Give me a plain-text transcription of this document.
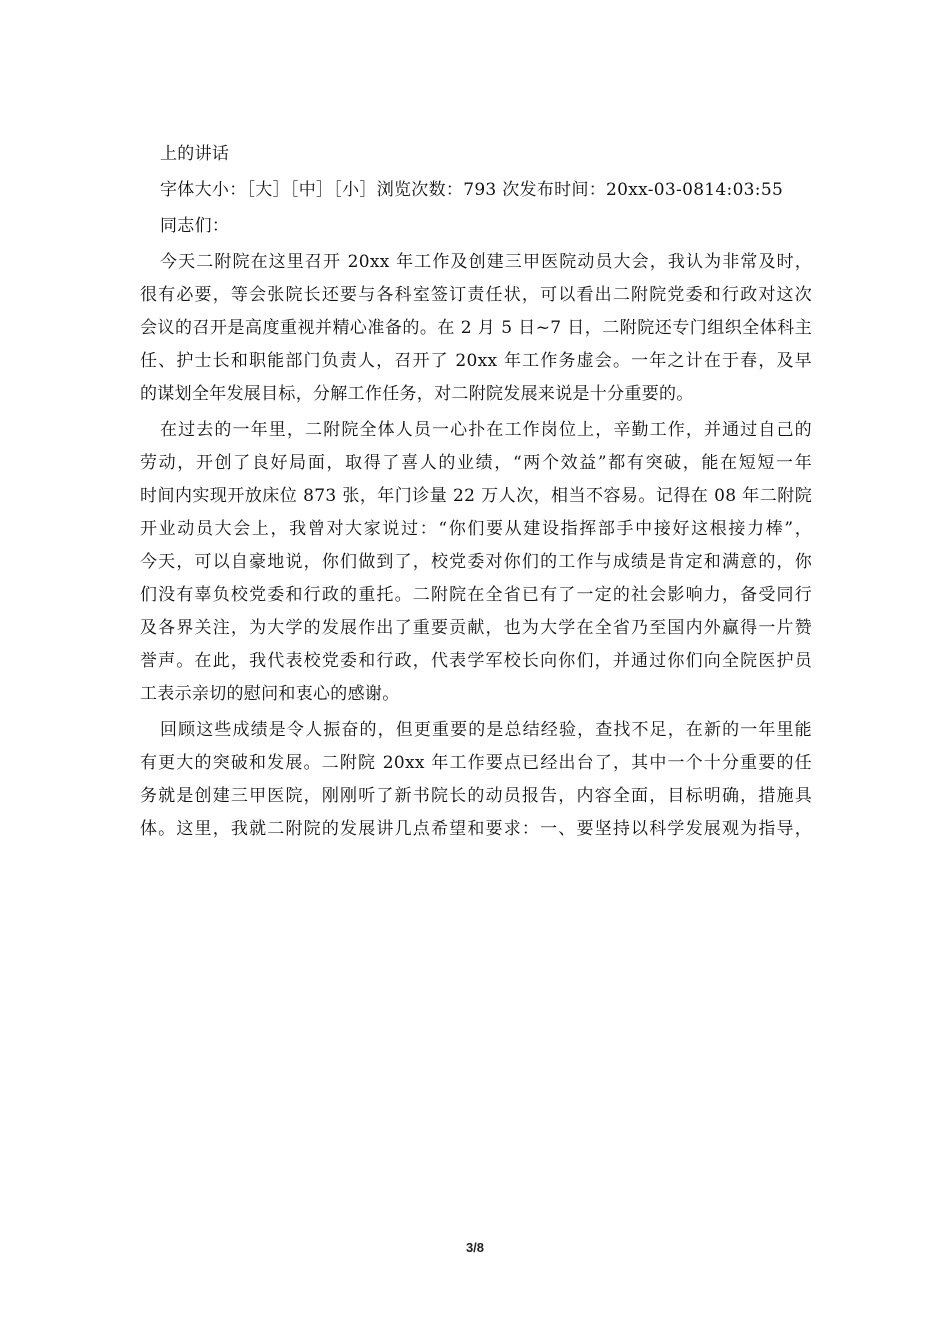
上的讲话
字体大小：［大］［中］［小］浏览次数：793 次发布时间：20xx-03-0814:03:55
同志们：
今天二附院在这里召开 20xx 年工作及创建三甲医院动员大会，我认为非常及时，
很有必要，等会张院长还要与各科室签订责任状，可以看出二附院党委和行政对这次
会议的召开是高度重视并精心准备的。在 2 月 5 日~7 日，二附院还专门组织全体科主
任、护士长和职能部门负责人，召开了 20xx 年工作务虚会。一年之计在于春，及早
的谋划全年发展目标，分解工作任务，对二附院发展来说是十分重要的。
在过去的一年里，二附院全体人员一心扑在工作岗位上，辛勤工作，并通过自己的
劳动，开创了良好局面，取得了喜人的业绩，“两个效益”都有突破，能在短短一年
时间内实现开放床位 873 张，年门诊量 22 万人次，相当不容易。记得在 08 年二附院
开业动员大会上，我曾对大家说过：“你们要从建设指挥部手中接好这根接力棒”，
今天，可以自豪地说，你们做到了，校党委对你们的工作与成绩是肯定和满意的，你
们没有辜负校党委和行政的重托。二附院在全省已有了一定的社会影响力，备受同行
及各界关注，为大学的发展作出了重要贡献，也为大学在全省乃至国内外赢得一片赞
誉声。在此，我代表校党委和行政，代表学军校长向你们，并通过你们向全院医护员
工表示亲切的慰问和衷心的感谢。
回顾这些成绩是令人振奋的，但更重要的是总结经验，查找不足，在新的一年里能
有更大的突破和发展。二附院 20xx 年工作要点已经出台了，其中一个十分重要的任
务就是创建三甲医院，刚刚听了新书院长的动员报告，内容全面，目标明确，措施具
体。这里，我就二附院的发展讲几点希望和要求：一、要坚持以科学发展观为指导，
3/8
